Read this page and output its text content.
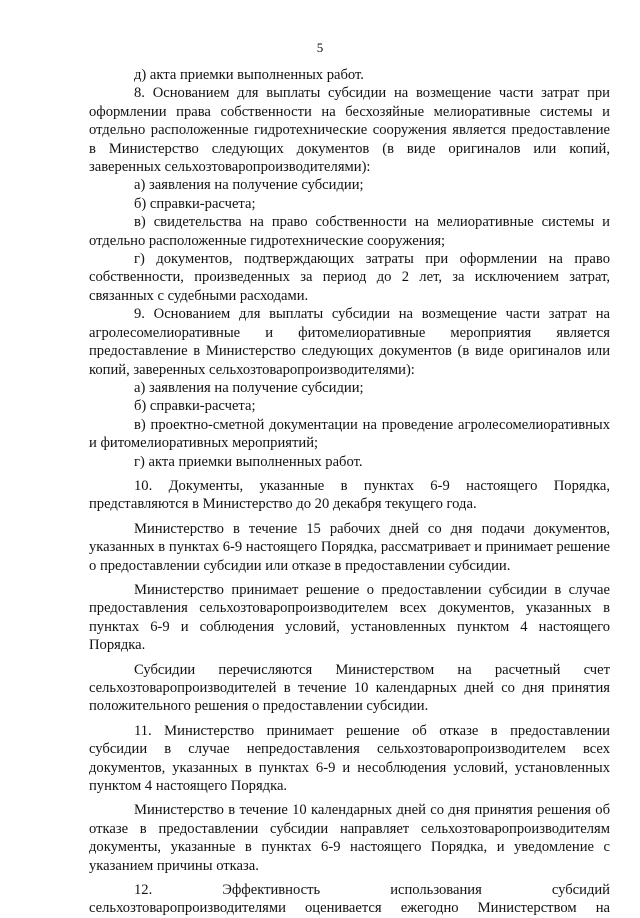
5

д) акта приемки выполненных работ.

8. Основанием для выплаты субсидии на возмещение части затрат при оформлении права собственности на бесхозяйные мелиоративные системы и отдельно расположенные гидротехнические сооружения является предоставление в Министерство следующих документов (в виде оригиналов или копий, заверенных сельхозтоваропроизводителями):

а) заявления на получение субсидии;

б) справки-расчета;

в) свидетельства на право собственности на мелиоративные системы и отдельно расположенные гидротехнические сооружения;

г) документов, подтверждающих затраты при оформлении на право собственности, произведенных за период до 2 лет, за исключением затрат, связанных с судебными расходами.

9. Основанием для выплаты субсидии на возмещение части затрат на агролесомелиоративные и фитомелиоративные мероприятия является предоставление в Министерство следующих документов (в виде оригиналов или копий, заверенных сельхозтоваропроизводителями):

а) заявления на получение субсидии;

б) справки-расчета;

в) проектно-сметной документации на проведение агролесомелиоративных и фитомелиоративных мероприятий;

г) акта приемки выполненных работ.

10. Документы, указанные в пунктах 6-9 настоящего Порядка, представляются в Министерство до 20 декабря текущего года.

Министерство в течение 15 рабочих дней со дня подачи документов, указанных в пунктах 6-9 настоящего Порядка, рассматривает и принимает решение о предоставлении субсидии или отказе в предоставлении субсидии.

Министерство принимает решение о предоставлении субсидии в случае предоставления сельхозтоваропроизводителем всех документов, указанных в пунктах 6-9 и соблюдения условий, установленных пунктом 4 настоящего Порядка.

Субсидии перечисляются Министерством на расчетный счет сельхозтоваропроизводителей в течение 10 календарных дней со дня принятия положительного решения о предоставлении субсидии.

11. Министерство принимает решение об отказе в предоставлении субсидии в случае непредоставления сельхозтоваропроизводителем всех документов, указанных в пунктах 6-9 и несоблюдения условий, установленных пунктом 4 настоящего Порядка.

Министерство в течение 10 календарных дней со дня принятия решения об отказе в предоставлении субсидии направляет сельхозтоваропроизводителям документы, указанные в пунктах 6-9 настоящего Порядка, и уведомление с указанием причины отказа.

12. Эффективность использования субсидий сельхозтоваропроизводителями оценивается ежегодно Министерством на
